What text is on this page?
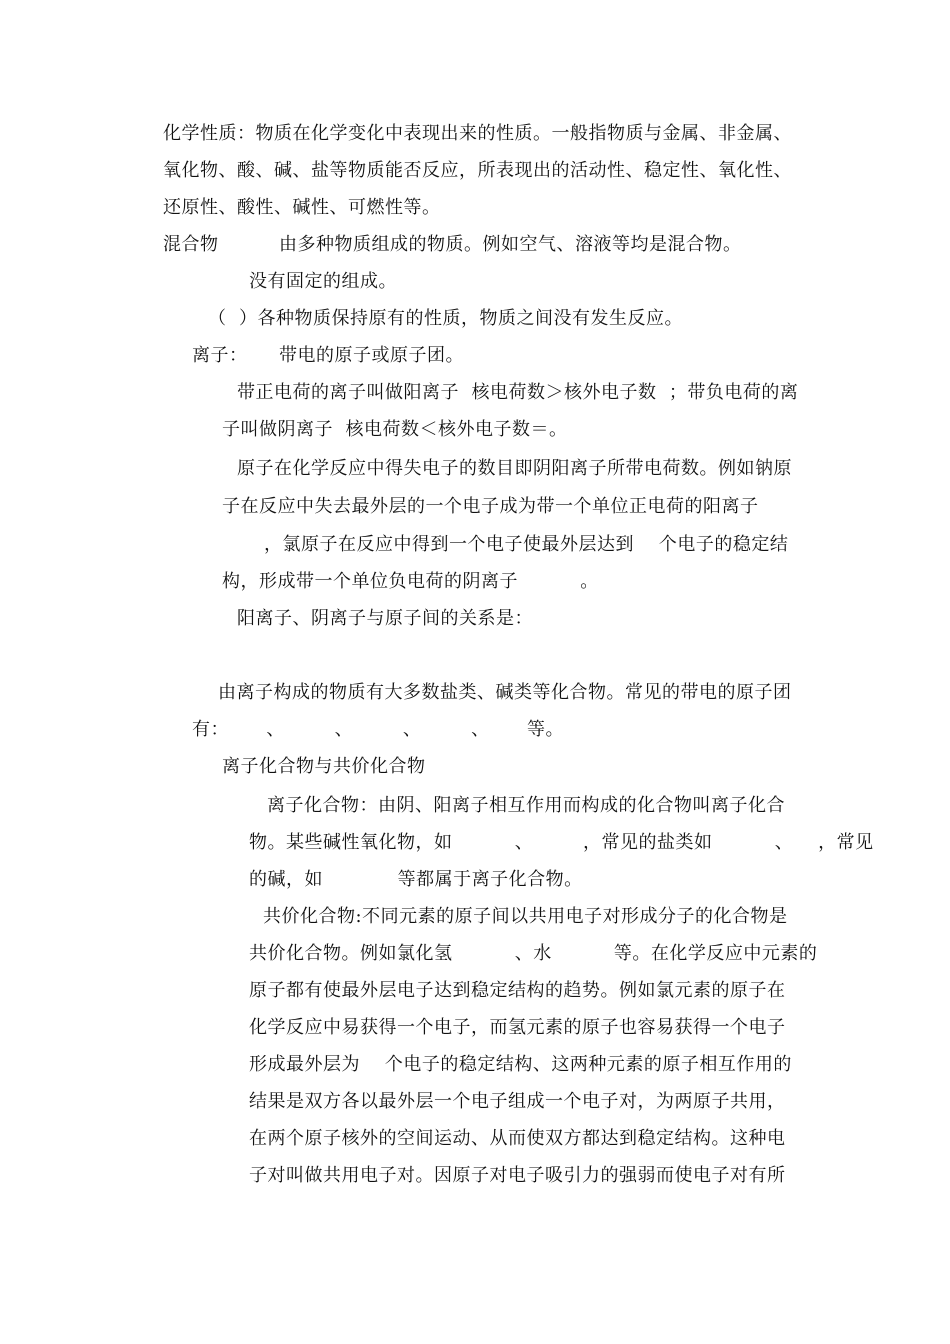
化学性质：物质在化学变化中表现出来的性质。一般指物质与金属、非金属、
氧化物、酸、碱、盐等物质能否反应，所表现出的活动性、稳定性、氧化性、
还原性、酸性、碱性、可燃性等。
混合物	由多种物质组成的物质。例如空气、溶液等均是混合物。
没有固定的组成。
（  ）各种物质保持原有的性质，物质之间没有发生反应。
离子： 带电的原子或原子团。
带正电荷的离子叫做阳离子  核电荷数＞核外电子数  ；带负电荷的离
子叫做阴离子  核电荷数＜核外电子数＝。
原子在化学反应中得失电子的数目即阴阳离子所带电荷数。例如钠原
子在反应中失去最外层的一个电子成为带一个单位正电荷的阳离子
，氯原子在反应中得到一个电子使最外层达到    个电子的稳定结
构，形成带一个单位负电荷的阴离子          。
阳离子、阴离子与原子间的关系是：
由离子构成的物质有大多数盐类、碱类等化合物。常见的带电的原子团
有：      、        、        、        、      等。
离子化合物与共价化合物
离子化合物：由阴、阳离子相互作用而构成的化合物叫离子化合
物。某些碱性氧化物，如          、        ，常见的盐类如          、    ，常见
的碱，如            等都属于离子化合物。
共价化合物:不同元素的原子间以共用电子对形成分子的化合物是
共价化合物。例如氯化氢          、水          等。在化学反应中元素的
原子都有使最外层电子达到稳定结构的趋势。例如氯元素的原子在
化学反应中易获得一个电子，而氢元素的原子也容易获得一个电子
形成最外层为    个电子的稳定结构、这两种元素的原子相互作用的
结果是双方各以最外层一个电子组成一个电子对，为两原子共用，
在两个原子核外的空间运动、从而使双方都达到稳定结构。这种电
子对叫做共用电子对。因原子对电子吸引力的强弱而使电子对有所
